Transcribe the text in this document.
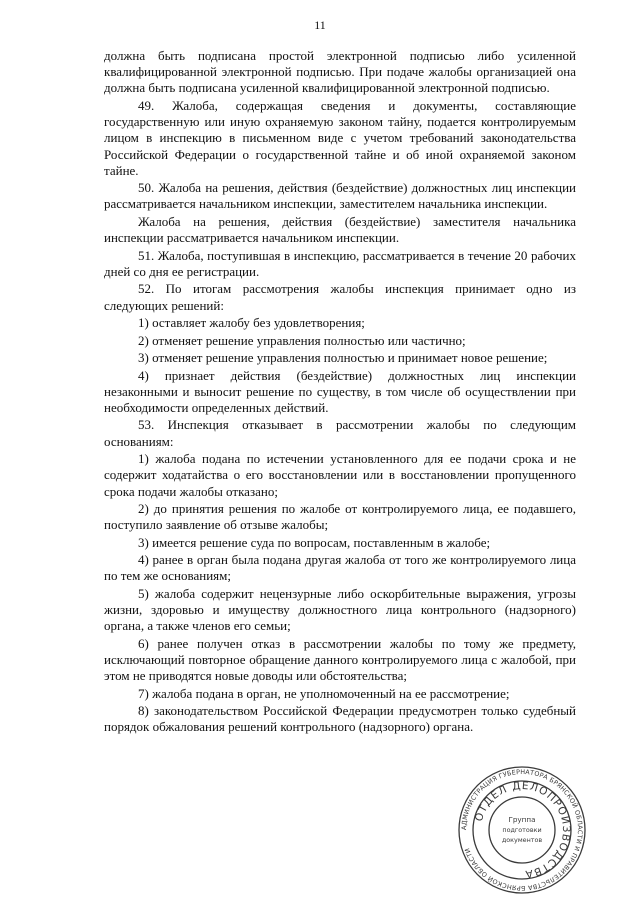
11

должна быть подписана простой электронной подписью либо усиленной квалифицированной электронной подписью. При подаче жалобы организацией она должна быть подписана усиленной квалифицированной электронной подписью.

49. Жалоба, содержащая сведения и документы, составляющие государственную или иную охраняемую законом тайну, подается контролируемым лицом в инспекцию в письменном виде с учетом требований законодательства Российской Федерации о государственной тайне и об иной охраняемой законом тайне.

50. Жалоба на решения, действия (бездействие) должностных лиц инспекции рассматривается начальником инспекции, заместителем начальника инспекции.

Жалоба на решения, действия (бездействие) заместителя начальника инспекции рассматривается начальником инспекции.

51. Жалоба, поступившая в инспекцию, рассматривается в течение 20 рабочих дней со дня ее регистрации.

52. По итогам рассмотрения жалобы инспекция принимает одно из следующих решений:

1) оставляет жалобу без удовлетворения;

2) отменяет решение управления полностью или частично;

3) отменяет решение управления полностью и принимает новое решение;

4) признает действия (бездействие) должностных лиц инспекции незаконными и выносит решение по существу, в том числе об осуществлении при необходимости определенных действий.

53. Инспекция отказывает в рассмотрении жалобы по следующим основаниям:

1) жалоба подана по истечении установленного для ее подачи срока и не содержит ходатайства о его восстановлении или в восстановлении пропущенного срока подачи жалобы отказано;

2) до принятия решения по жалобе от контролируемого лица, ее подавшего, поступило заявление об отзыве жалобы;

3) имеется решение суда по вопросам, поставленным в жалобе;

4) ранее в орган была подана другая жалоба от того же контролируемого лица по тем же основаниям;

5) жалоба содержит нецензурные либо оскорбительные выражения, угрозы жизни, здоровью и имуществу должностного лица контрольного (надзорного) органа, а также членов его семьи;

6) ранее получен отказ в рассмотрении жалобы по тому же предмету, исключающий повторное обращение данного контролируемого лица с жалобой, при этом не приводятся новые доводы или обстоятельства;

7) жалоба подана в орган, не уполномоченный на ее рассмотрение;

8) законодательством Российской Федерации предусмотрен только судебный порядок обжалования решений контрольного (надзорного) органа.

АДМИНИСТРАЦИЯ ГУБЕРНАТОРА БРЯНСКОЙ ОБЛАСТИ И ПРАВИТЕЛЬСТВА БРЯНСКОЙ ОБЛАСТИ
ОТДЕЛ ДЕЛОПРОИЗВОДСТВА
Группа
подготовки
документов
